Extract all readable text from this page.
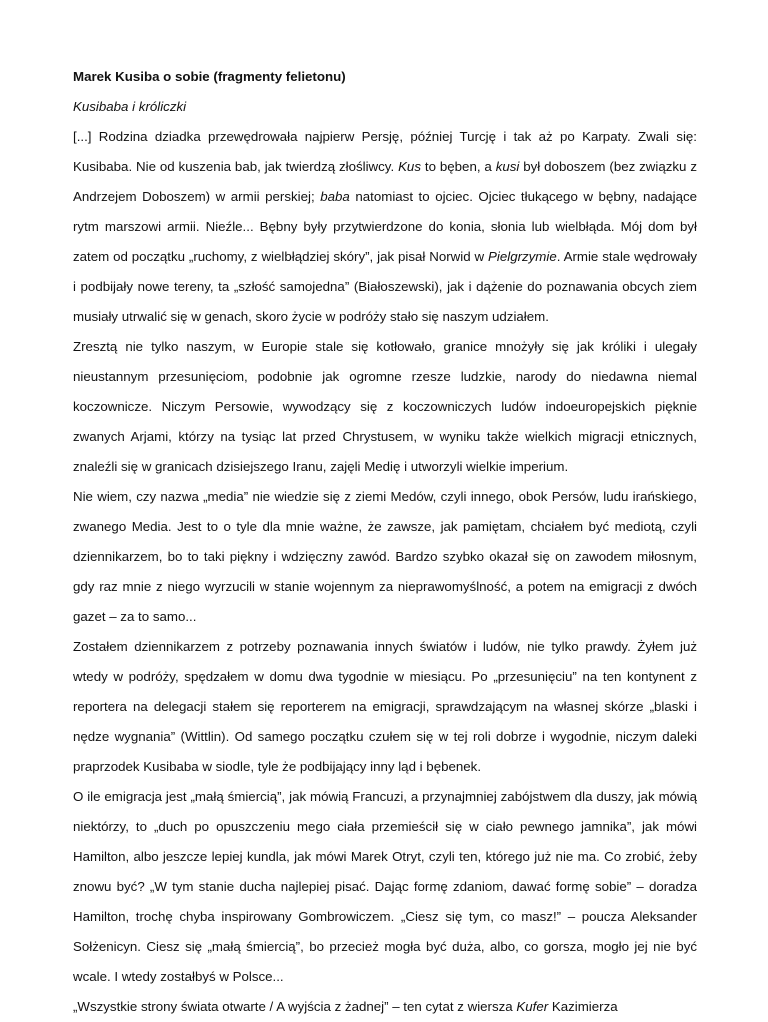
Marek Kusiba o sobie (fragmenty felietonu)

Kusibaba i króliczki

[...] Rodzina dziadka przewędrowała najpierw Persję, później Turcję i tak aż po Karpaty. Zwali się: Kusibaba. Nie od kuszenia bab, jak twierdzą złośliwcy. Kus to bęben, a kusi był doboszem (bez związku z Andrzejem Doboszem) w armii perskiej; baba natomiast to ojciec. Ojciec tłukącego w bębny, nadające rytm marszowi armii. Nieźle... Bębny były przytwierdzone do konia, słonia lub wielbłąda. Mój dom był zatem od początku „ruchomy, z wielbłądziej skóry”, jak pisał Norwid w Pielgrzymie. Armie stale wędrowały i podbijały nowe tereny, ta „szłość samojedna” (Białoszewski), jak i dążenie do poznawania obcych ziem musiały utrwalić się w genach, skoro życie w podróży stało się naszym udziałem.

Zresztą nie tylko naszym, w Europie stale się kotłowało, granice mnożyły się jak króliki i ulegały nieustannym przesunięciom, podobnie jak ogromne rzesze ludzkie, narody do niedawna niemal koczownicze. Niczym Persowie, wywodzący się z koczowniczych ludów indoeuropejskich pięknie zwanych Arjami, którzy na tysiąc lat przed Chrystusem, w wyniku także wielkich migracji etnicznych, znaleźli się w granicach dzisiejszego Iranu, zajęli Medię i utworzyli wielkie imperium.

Nie wiem, czy nazwa „media” nie wiedzie się z ziemi Medów, czyli innego, obok Persów, ludu irańskiego, zwanego Media. Jest to o tyle dla mnie ważne, że zawsze, jak pamiętam, chciałem być mediotą, czyli dziennikarzem, bo to taki piękny i wdzięczny zawód. Bardzo szybko okazał się on zawodem miłosnym, gdy raz mnie z niego wyrzucili w stanie wojennym za nieprawomyślność, a potem na emigracji z dwóch gazet – za to samo...

Zostałem dziennikarzem z potrzeby poznawania innych światów i ludów, nie tylko prawdy. Żyłem już wtedy w podróży, spędzałem w domu dwa tygodnie w miesiącu. Po „przesunięciu” na ten kontynent z reportera na delegacji stałem się reporterem na emigracji, sprawdzającym na własnej skórze „blaski i nędze wygnania” (Wittlin). Od samego początku czułem się w tej roli dobrze i wygodnie, niczym daleki praprzodek Kusibaba w siodle, tyle że podbijający inny ląd i bębenek.

O ile emigracja jest „małą śmiercią”, jak mówią Francuzi, a przynajmniej zabójstwem dla duszy, jak mówią niektórzy, to „duch po opuszczeniu mego ciała przemieścił się w ciało pewnego jamnika”, jak mówi Hamilton, albo jeszcze lepiej kundla, jak mówi Marek Otryt, czyli ten, którego już nie ma. Co zrobić, żeby znowu być? „W tym stanie ducha najlepiej pisać. Dając formę zdaniom, dawać formę sobie” – doradza Hamilton, trochę chyba inspirowany Gombrowiczem. „Ciesz się tym, co masz!” – poucza Aleksander Sołżenicyn. Ciesz się „małą śmiercią”, bo przecież mogła być duża, albo, co gorsza, mogło jej nie być wcale. I wtedy zostałbyś w Polsce...

„Wszystkie strony świata otwarte / A wyjścia z żadnej” – ten cytat z wiersza Kufer Kazimierza
